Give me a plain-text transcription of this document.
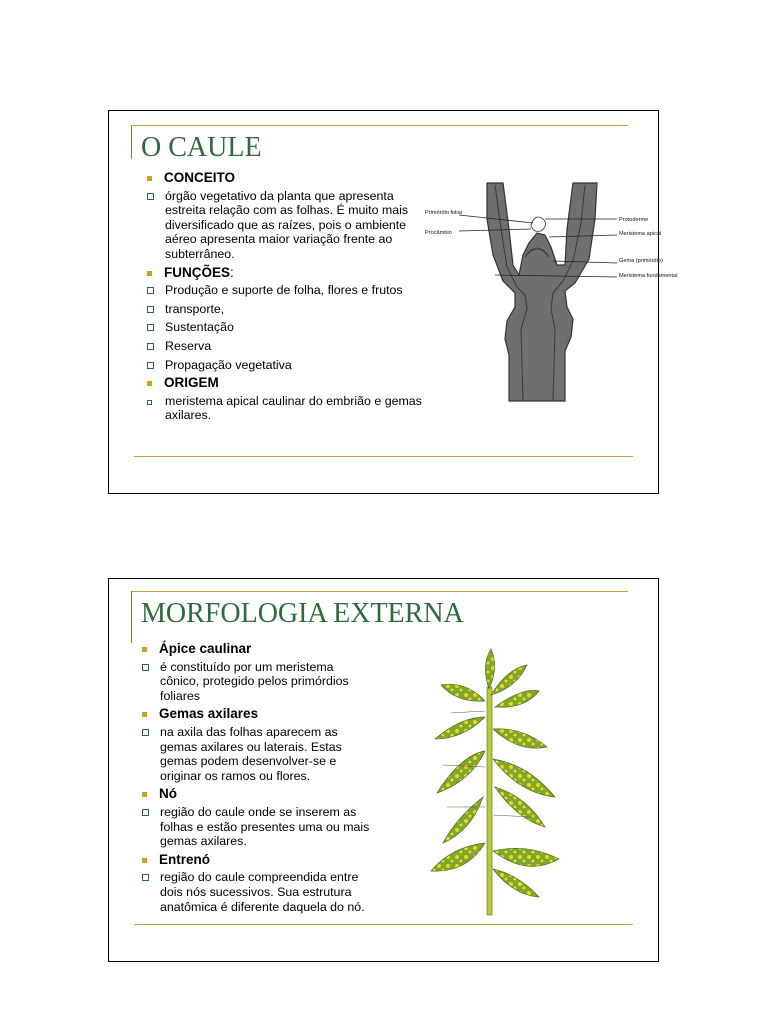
O CAULE
CONCEITO
órgão vegetativo da planta que apresenta estreita relação com as folhas. É muito mais diversificado que as raízes, pois o ambiente aéreo apresenta maior variação frente ao subterrâneo.
FUNÇÕES:
Produção e suporte de folha, flores e frutos
transporte,
Sustentação
Reserva
Propagação vegetativa
ORIGEM
meristema apical caulinar do embrião e gemas axilares.
Primórdio foliar
Procâmbio
Protoderme
Meristema apical
Gema (primórdio)
Meristema fundamental
MORFOLOGIA EXTERNA
Ápice caulinar
é constituído por um meristema cônico, protegido pelos primórdios foliares
Gemas axilares
na axila das folhas aparecem as gemas axilares ou laterais. Estas gemas podem desenvolver-se e originar os ramos ou flores.
Nó
região do caule onde se inserem as folhas e estão presentes uma ou mais gemas axilares.
Entrenó
região do caule compreendida entre dois nós sucessivos. Sua estrutura anatômica é diferente daquela do nó.
